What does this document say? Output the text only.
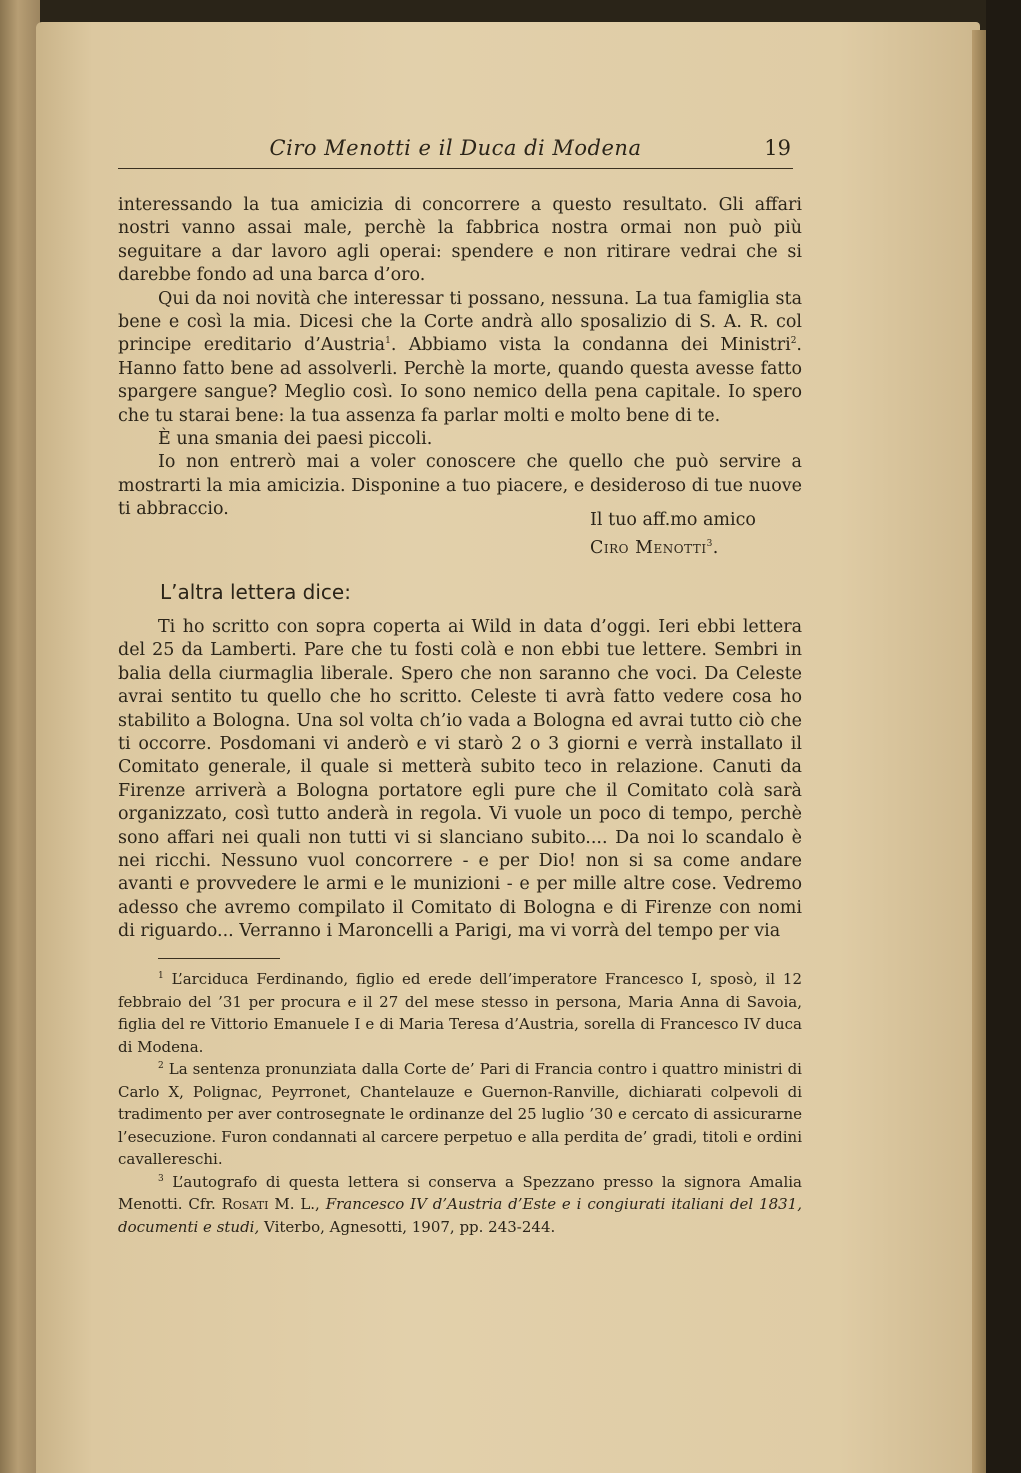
Ciro Menotti e il Duca di Modena	19

interessando la tua amicizia di concorrere a questo resultato. Gli affari nostri vanno assai male, perchè la fabbrica nostra ormai non può più seguitare a dar lavoro agli operai: spendere e non ritirare vedrai che si darebbe fondo ad una barca d’oro.

Qui da noi novità che interessar ti possano, nessuna. La tua famiglia sta bene e così la mia. Dicesi che la Corte andrà allo sposalizio di S. A. R. col principe ereditario d’Austria$^1$. Abbiamo vista la condanna dei Ministri$^2$. Hanno fatto bene ad assolverli. Perchè la morte, quando questa avesse fatto spargere sangue? Meglio così. Io sono nemico della pena capitale. Io spero che tu starai bene: la tua assenza fa parlar molti e molto bene di te.

È una smania dei paesi piccoli.

Io non entrerò mai a voler conoscere che quello che può servire a mostrarti la mia amicizia. Disponine a tuo piacere, e desideroso di tue nuove ti abbraccio.

Il tuo aff.mo amico
Ciro Menotti$^3$.
L’altra lettera dice:

Ti ho scritto con sopra coperta ai Wild in data d’oggi. Ieri ebbi lettera del 25 da Lamberti. Pare che tu fosti colà e non ebbi tue lettere. Sembri in balia della ciurmaglia liberale. Spero che non saranno che voci. Da Celeste avrai sentito tu quello che ho scritto. Celeste ti avrà fatto vedere cosa ho stabilito a Bologna. Una sol volta ch’io vada a Bologna ed avrai tutto ciò che ti occorre. Posdomani vi anderò e vi starò 2 o 3 giorni e verrà installato il Comitato generale, il quale si metterà subito teco in relazione. Canuti da Firenze arriverà a Bologna portatore egli pure che il Comitato colà sarà organizzato, così tutto anderà in regola. Vi vuole un poco di tempo, perchè sono affari nei quali non tutti vi si slanciano subito.... Da noi lo scandalo è nei ricchi. Nessuno vuol concorrere - e per Dio! non si sa come andare avanti e provvedere le armi e le munizioni - e per mille altre cose. Vedremo adesso che avremo compilato il Comitato di Bologna e di Firenze con nomi di riguardo... Verranno i Maroncelli a Parigi, ma vi vorrà del tempo per via

$^1$ L’arciduca Ferdinando, figlio ed erede dell’imperatore Francesco I, sposò, il 12 febbraio del ’31 per procura e il 27 del mese stesso in persona, Maria Anna di Savoia, figlia del re Vittorio Emanuele I e di Maria Teresa d’Austria, sorella di Francesco IV duca di Modena.

$^2$ La sentenza pronunziata dalla Corte de’ Pari di Francia contro i quattro ministri di Carlo X, Polignac, Peyrronet, Chantelauze e Guernon-Ranville, dichiarati colpevoli di tradimento per aver controsegnate le ordinanze del 25 luglio ’30 e cercato di assicurarne l’esecuzione. Furon condannati al carcere perpetuo e alla perdita de’ gradi, titoli e ordini cavallereschi.

$^3$ L’autografo di questa lettera si conserva a Spezzano presso la signora Amalia Menotti. Cfr. Rosati M. L., Francesco IV d’Austria d’Este e i congiurati italiani del 1831, documenti e studi, Viterbo, Agnesotti, 1907, pp. 243-244.
